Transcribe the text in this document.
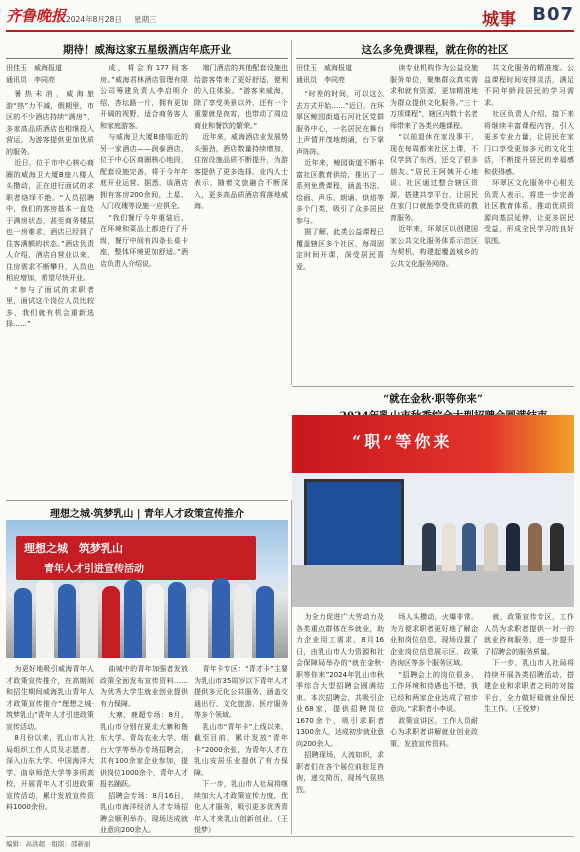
齐鲁晚报 2024年8月28日 星期三	城事 B07
期待！威海这家五星级酒店年底开业
田佳玉　威海报道
通讯员　李同亮

暑热未消，威海旅游“热”力不减，假期里，市区的不少酒店持续“满房”，多家高品质酒店也相继投入营运，为游客提供更加优质的服务。

近日，位于市中心核心商圈的威海卫大厦B座八楼人头攒动，正在进行面试的求职者络绎不绝。“人员招聘中，我们的客房基本一直处于满房状态，甚至商务楼层也一房难求，酒店已经到了住客满额的状态。”酒店负责人介绍，酒店自营业以来，住房需求不断攀升，人员也相应增加，希望尽快开业。

“参与了面试的求职者里，面试这个岗位人员比较多，我们就有机会重新选择……”

成，将会有177间客房。”威海君林酒店管理有限公司筹建负责人李启明介绍，杏坛路一片，拥有更加开阔的视野，适合商务客人和家庭游客。

与威海卫大厦B座临近的另一家酒店——润泰酒店，位于中心区商圈核心地段，配套设施完善，将于今年年底开业运营。据悉，该酒店拥有客房200余间，上星、入门玫瑰等设施一应俱全。

“我们餐厅今年重装后，在环境和菜品上都进行了升级，餐厅中间有四条长桌卡座，整体环境更加舒适。”酒店负责人介绍说。

端门酒店的其他配套设施也给游客带来了更好舒适，便利的入住体验。“游客来威海，除了享受美景以外，还有一个重要就是夜宵，也带动了周边商业和餐饮的繁荣。”

近年来，威海酒店业发展势头强劲，酒店数量持续增加，住宿设施品质不断提升，为游客提供了更多选择。业内人士表示，随着文旅融合不断深入，更多高品质酒店将落地威海。

这么多免费课程，就在你的社区
田佳玉　威海报道
通讯员　李同亮

“时差的时间，可以这么去方式开始……”近日，在环翠区鲸园街道石河社区党群服务中心，一名居民在舞台上声情并茂地朗诵，台下掌声阵阵。

近年来，鲸园街道不断丰富社区教育供给，推出了一系列免费课程，涵盖书法、绘画、声乐、朗诵、烘焙等多个门类，吸引了众多居民参与。

据了解，此类公益课程已覆盖辖区多个社区，每周固定时间开课，深受居民喜爱。

读专业机构作为公益设施服务单位，聚集群众真实需求和就有资源，更加精准地为群众提供文化服务。”三十万项课程”，辖区内数十名老师带来了各类兴趣课程。

“以前退休在家没事干，现在每周都来社区上课，不仅学到了东西，还交了很多朋友。”居民王阿姨开心地说。社区通过整合辖区资源，搭建共享平台，让居民在家门口就能享受优质的教育服务。

近年来，环翠区以创建国家公共文化服务体系示范区为契机，构建起覆盖城乡的公共文化服务网络。

共文化服务的精准度。公益课程时间安排灵活，满足不同年龄段居民的学习需求。

社区负责人介绍，接下来将继续丰富课程内容，引入更多专业力量，让居民在家门口享受更加多元的文化生活，不断提升居民的幸福感和获得感。

环翠区文化服务中心相关负责人表示，将进一步完善社区教育体系，推动优质资源向基层延伸，让更多居民受益，形成全民学习的良好氛围。

“就在金秋·职等你来”
“职”等你来

为全力促进广大劳动力及各类重点群体在乡就业，助力企业用工需求，8月16日，由乳山市人力资源和社会保障局举办的“就在金秋·职等你来”2024年乳山市秋季综合大型招聘会圆满结束。本次招聘会，共吸引企业68家，提供招聘岗位1670余个，吸引求职者1300余人，达成初步就业意向200余人。

招聘现场，人流如织，求职者们在各个展位前驻足咨询，递交简历，现场气氛热烈。

场人头攒动，火爆非常。为方便求职者更好地了解企业和岗位信息，现场设置了企业岗位信息展示区、政策咨询区等多个服务区域。

“招聘会上的岗位很多，工作环境和待遇也不错，我已经和两家企业达成了初步意向。”求职者小李说。

政策宣讲区，工作人员耐心为求职者讲解就业创业政策，发放宣传资料。

就，政策宣传专区，工作人员为求职者提供一对一的就业咨询服务，进一步提升了招聘会的服务质量。

下一步，乳山市人社局将持续开展各类招聘活动，搭建企业和求职者之间的对接平台，全力做好稳就业保民生工作。（王悦梦）

理想之城·筑梦乳山 | 青年人才政策宣传推介
理想之城　筑梦乳山
青年人才引进宣传活动

为更好地吸引威海青年人才政策宣传推介，在高期间和招生期间威海乳山青年人才政策宣传推介“理想之城·筑梦乳山”青年人才引进政策宣传活动。

8月份以来，乳山市人社局组织工作人员及志愿者，深入山东大学、中国海洋大学、曲阜师范大学等多所高校，开展青年人才引进政策宣传活动，累计发放宣传资料1000余份。

曲城中的青年加强者发放政策全面发布宣传资料……为优秀大学生就业创业提供有力保障。

大寨，鹿超专场：8月，乳山市分别在夏北大寨和鲁东大学、青岛农业大学、烟台大学等举办专场招聘会，共有100余家企业参加，提供岗位1000余个，青年人才报名踊跃。

招聘会专场：8月16日，乳山市海洋经济人才专场招聘会顺利举办，现场达成就业意向200余人。

青年卡专区：“青才卡”主要为乳山市35周岁以下青年人才提供多元化公共服务，涵盖交通出行、文化旅游、医疗服务等多个领域。

乳山市“青年卡”上线以来，截至目前，累计发放“青年卡”2000余张，为青年人才在乳山安居乐业提供了有力保障。

下一步，乳山市人社局将继续加大人才政策宣传力度，优化人才服务，吸引更多优秀青年人才来乳山创新创业。（王悦梦）

编辑：高洪超　组版：邵新丽
